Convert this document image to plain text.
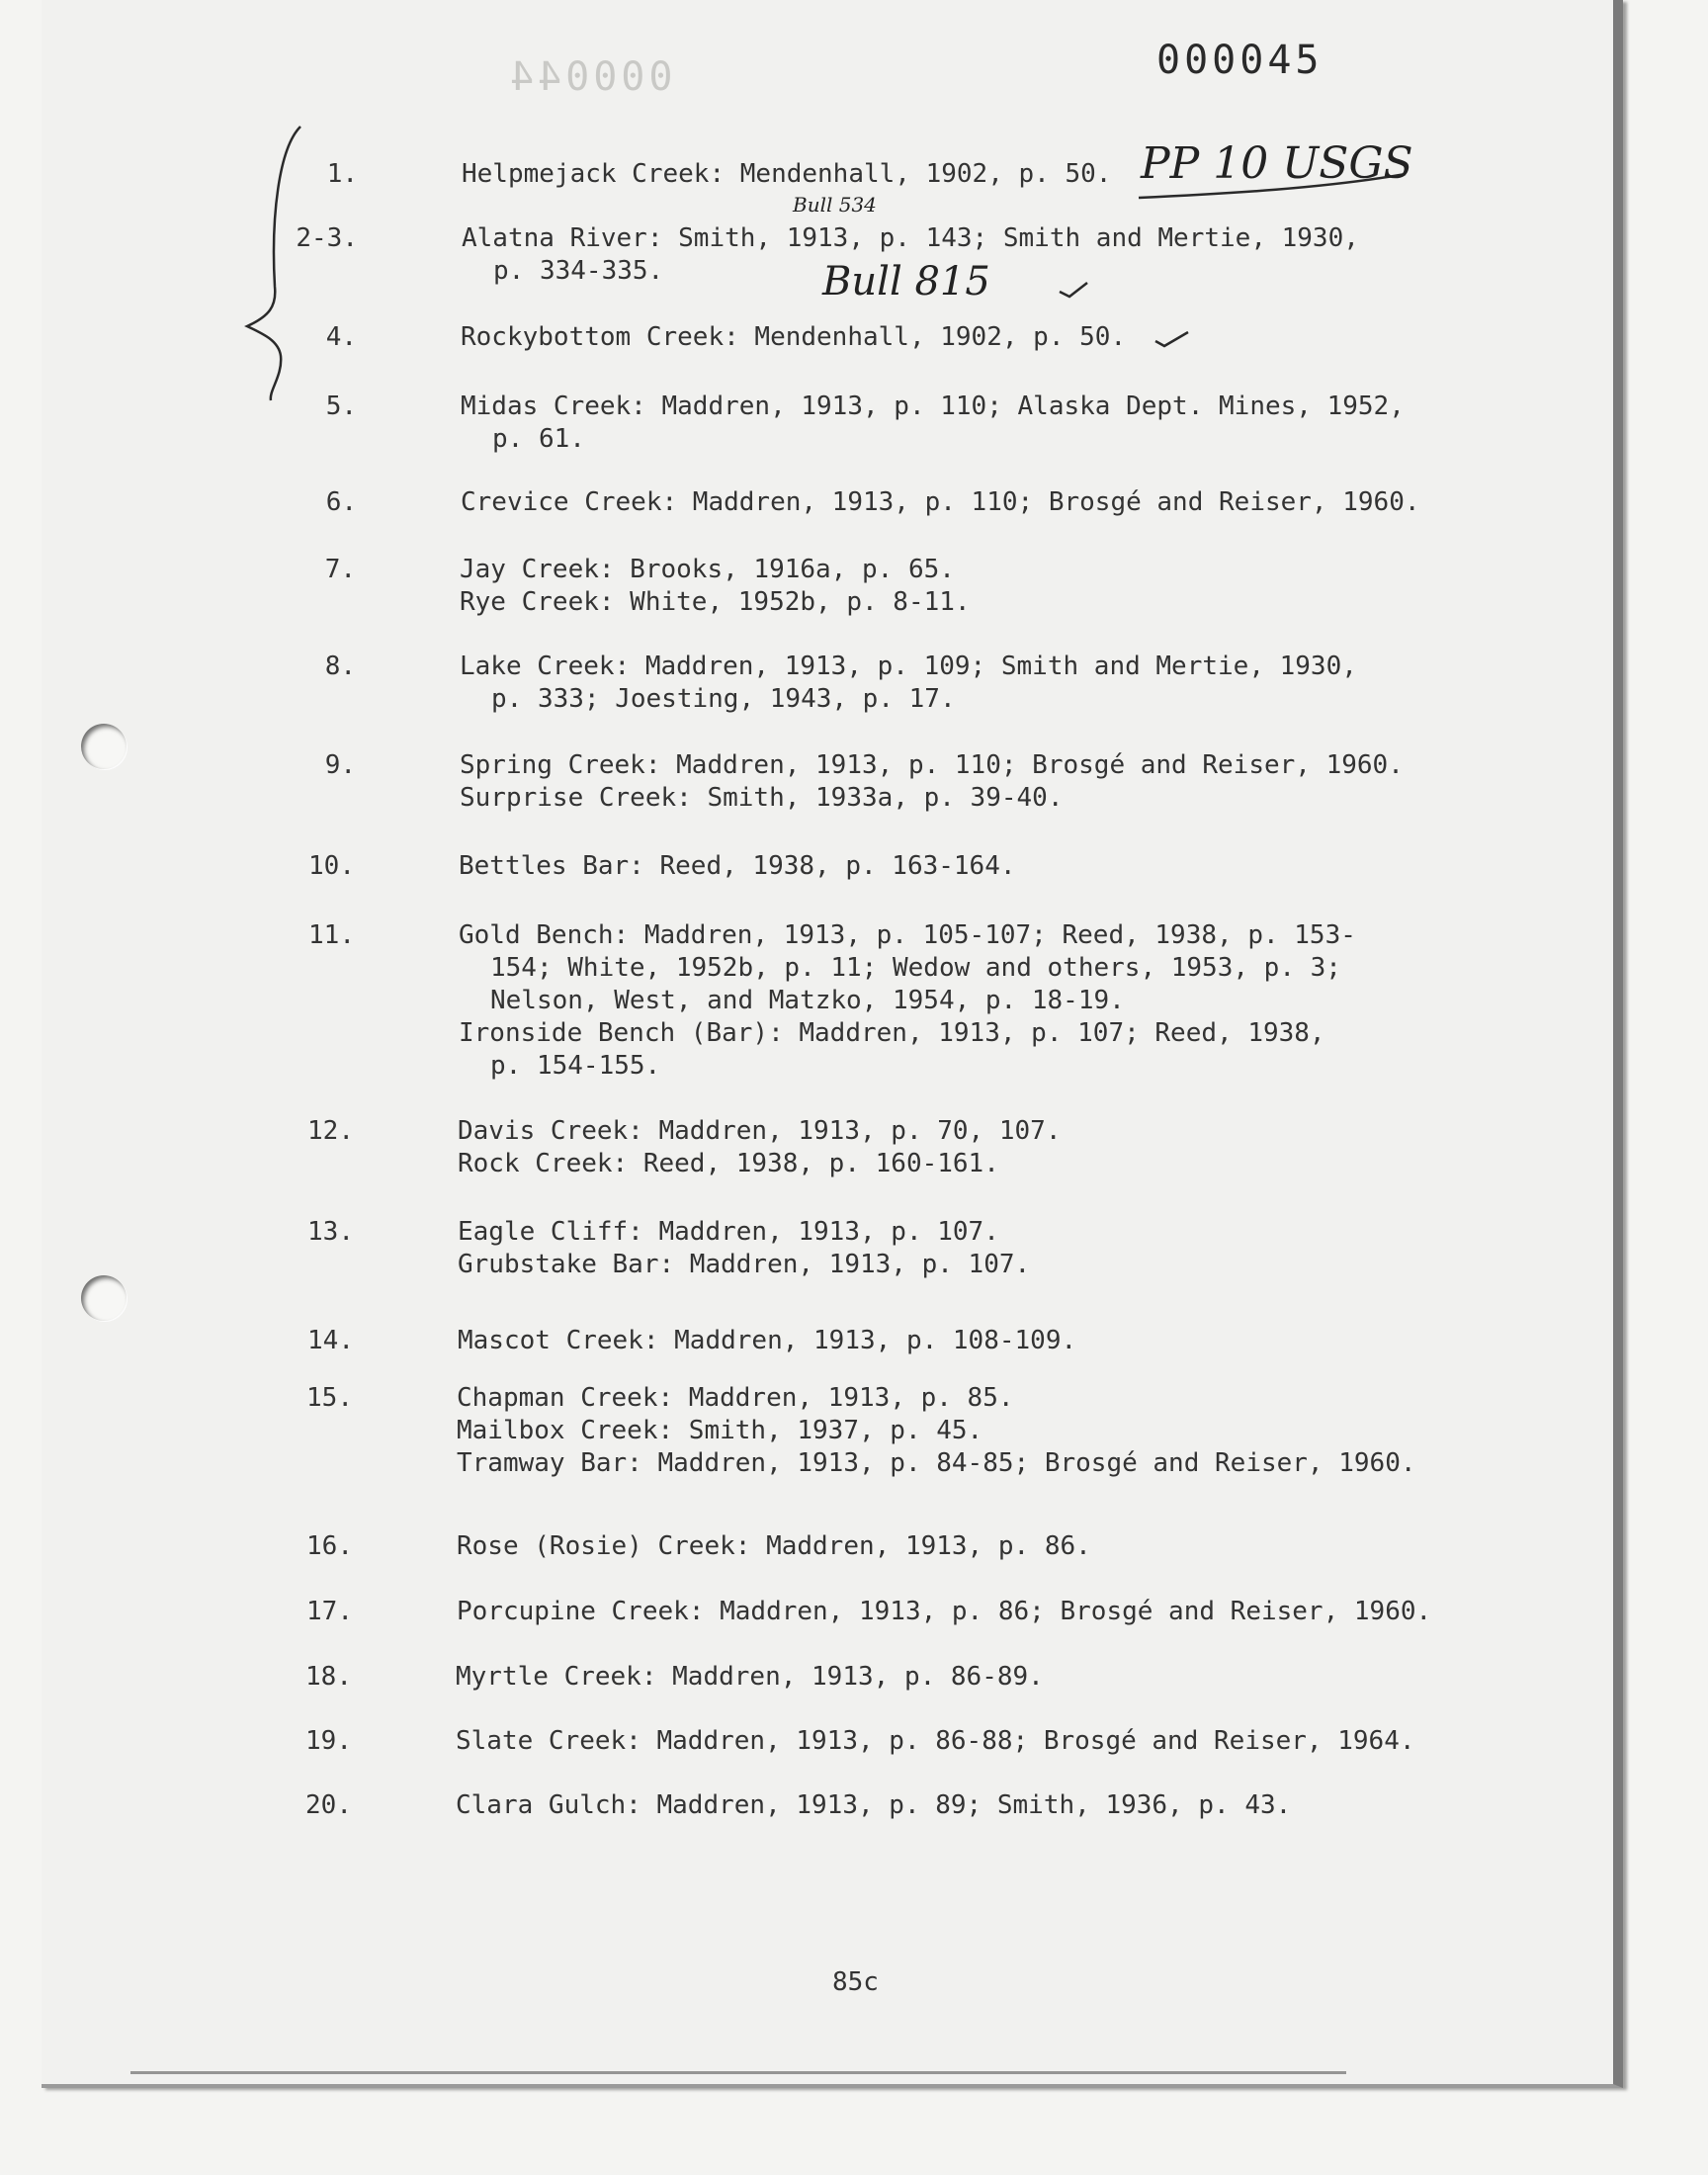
000044	000045
PP 10 USGS
Bull 534
Bull 815
1.	Helpmejack Creek: Mendenhall, 1902, p. 50.
2-3.	Alatna River: Smith, 1913, p. 143; Smith and Mertie, 1930,
p. 334-335.
4.	Rockybottom Creek: Mendenhall, 1902, p. 50.
5.	Midas Creek: Maddren, 1913, p. 110; Alaska Dept. Mines, 1952,
p. 61.
6.	Crevice Creek: Maddren, 1913, p. 110; Brosgé and Reiser, 1960.
7.	Jay Creek: Brooks, 1916a, p. 65.
Rye Creek: White, 1952b, p. 8-11.
8.	Lake Creek: Maddren, 1913, p. 109; Smith and Mertie, 1930,
p. 333; Joesting, 1943, p. 17.
9.	Spring Creek: Maddren, 1913, p. 110; Brosgé and Reiser, 1960.
Surprise Creek: Smith, 1933a, p. 39-40.
10.	Bettles Bar: Reed, 1938, p. 163-164.
11.	Gold Bench: Maddren, 1913, p. 105-107; Reed, 1938, p. 153-
154; White, 1952b, p. 11; Wedow and others, 1953, p. 3;
Nelson, West, and Matzko, 1954, p. 18-19.
Ironside Bench (Bar): Maddren, 1913, p. 107; Reed, 1938,
p. 154-155.
12.	Davis Creek: Maddren, 1913, p. 70, 107.
Rock Creek: Reed, 1938, p. 160-161.
13.	Eagle Cliff: Maddren, 1913, p. 107.
Grubstake Bar: Maddren, 1913, p. 107.
14.	Mascot Creek: Maddren, 1913, p. 108-109.
15.	Chapman Creek: Maddren, 1913, p. 85.
Mailbox Creek: Smith, 1937, p. 45.
Tramway Bar: Maddren, 1913, p. 84-85; Brosgé and Reiser, 1960.
16.	Rose (Rosie) Creek: Maddren, 1913, p. 86.
17.	Porcupine Creek: Maddren, 1913, p. 86; Brosgé and Reiser, 1960.
18.	Myrtle Creek: Maddren, 1913, p. 86-89.
19.	Slate Creek: Maddren, 1913, p. 86-88; Brosgé and Reiser, 1964.
20.	Clara Gulch: Maddren, 1913, p. 89; Smith, 1936, p. 43.
85c
